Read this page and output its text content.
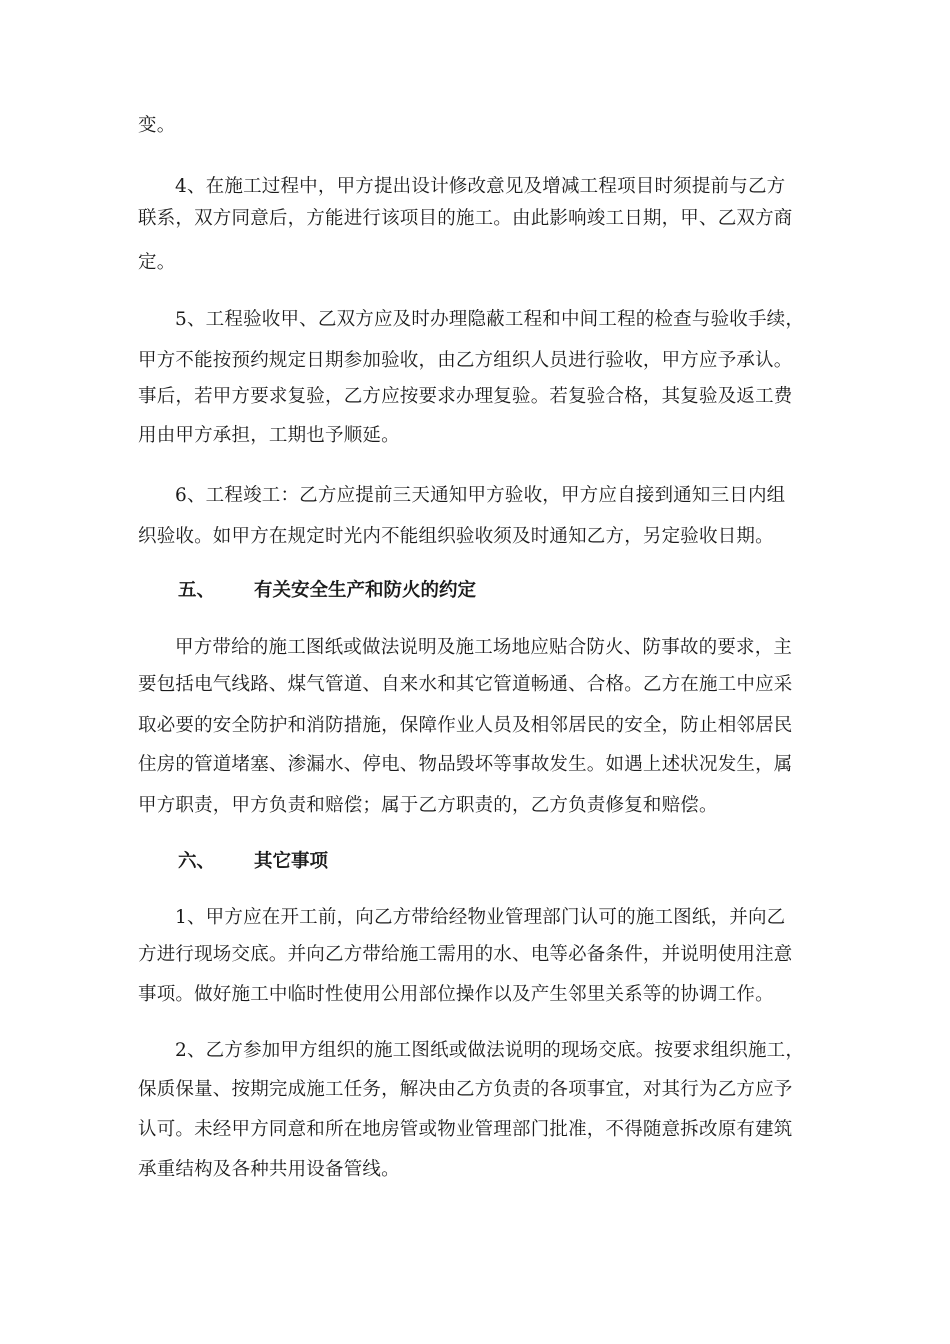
变。
4、在施工过程中，甲方提出设计修改意见及增减工程项目时须提前与乙方
联系，双方同意后，方能进行该项目的施工。由此影响竣工日期，甲、乙双方商
定。
5、工程验收甲、乙双方应及时办理隐蔽工程和中间工程的检查与验收手续，
甲方不能按预约规定日期参加验收，由乙方组织人员进行验收，甲方应予承认。
事后，若甲方要求复验，乙方应按要求办理复验。若复验合格，其复验及返工费
用由甲方承担，工期也予顺延。
6、工程竣工：乙方应提前三天通知甲方验收，甲方应自接到通知三日内组
织验收。如甲方在规定时光内不能组织验收须及时通知乙方，另定验收日期。
五、 有关安全生产和防火的约定
甲方带给的施工图纸或做法说明及施工场地应贴合防火、防事故的要求，主
要包括电气线路、煤气管道、自来水和其它管道畅通、合格。乙方在施工中应采
取必要的安全防护和消防措施，保障作业人员及相邻居民的安全，防止相邻居民
住房的管道堵塞、渗漏水、停电、物品毁坏等事故发生。如遇上述状况发生，属
甲方职责，甲方负责和赔偿；属于乙方职责的，乙方负责修复和赔偿。
六、 其它事项
1、甲方应在开工前，向乙方带给经物业管理部门认可的施工图纸，并向乙
方进行现场交底。并向乙方带给施工需用的水、电等必备条件，并说明使用注意
事项。做好施工中临时性使用公用部位操作以及产生邻里关系等的协调工作。
2、乙方参加甲方组织的施工图纸或做法说明的现场交底。按要求组织施工，
保质保量、按期完成施工任务，解决由乙方负责的各项事宜，对其行为乙方应予
认可。未经甲方同意和所在地房管或物业管理部门批准，不得随意拆改原有建筑
承重结构及各种共用设备管线。
